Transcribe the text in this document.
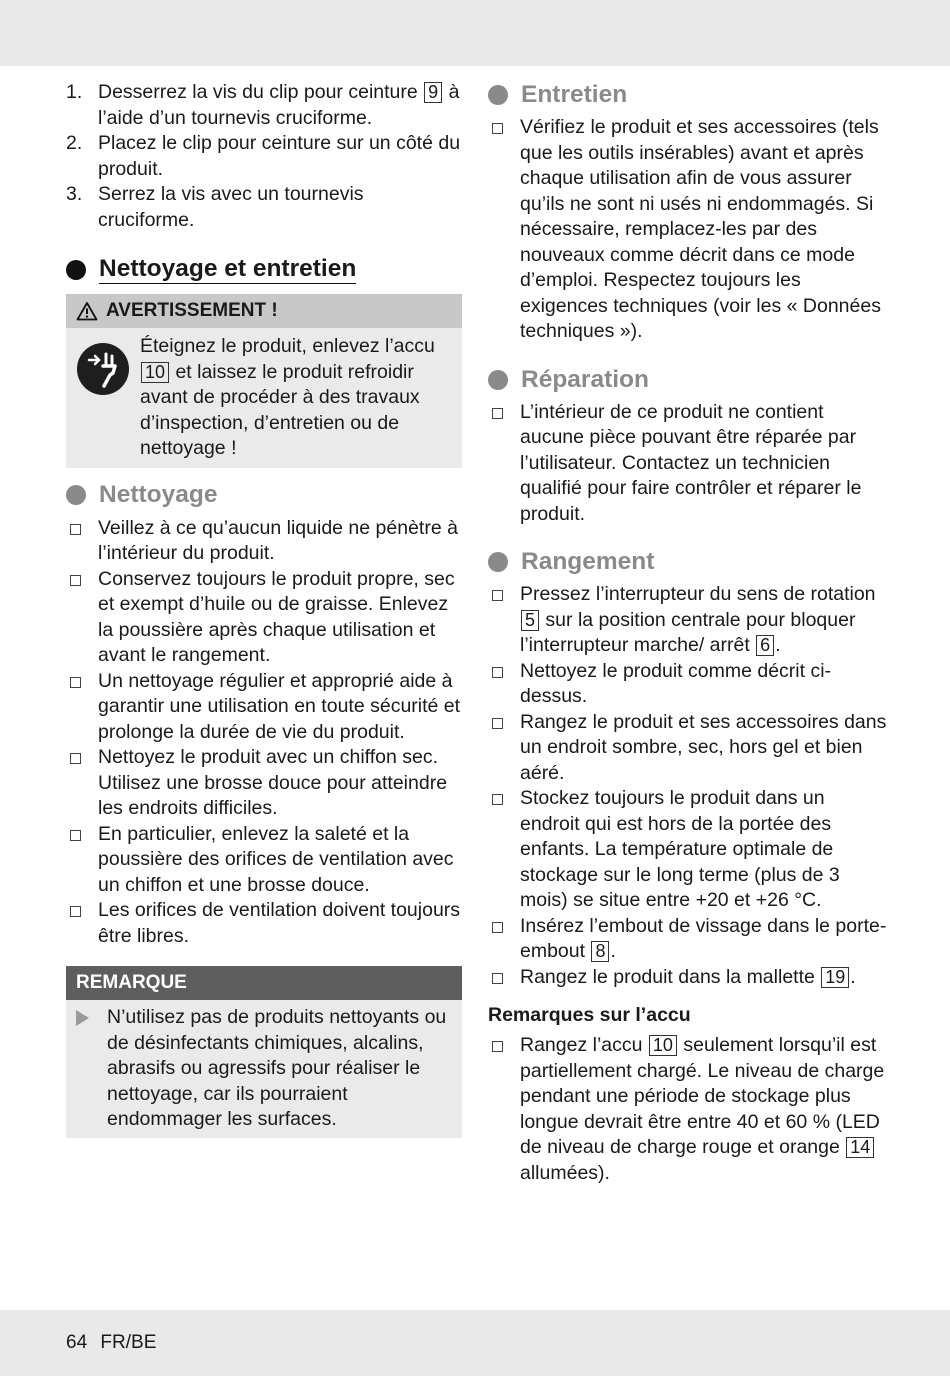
1. Desserrez la vis du clip pour ceinture 9 à l’aide d’un tournevis cruciforme.
2. Placez le clip pour ceinture sur un côté du produit.
3. Serrez la vis avec un tournevis cruciforme.
Nettoyage et entretien
AVERTISSEMENT !
Éteignez le produit, enlevez l’accu 10 et laissez le produit refroidir avant de procéder à des travaux d’inspection, d’entretien ou de nettoyage !
Nettoyage
Veillez à ce qu’aucun liquide ne pénètre à l’intérieur du produit.
Conservez toujours le produit propre, sec et exempt d’huile ou de graisse. Enlevez la poussière après chaque utilisation et avant le rangement.
Un nettoyage régulier et approprié aide à garantir une utilisation en toute sécurité et prolonge la durée de vie du produit.
Nettoyez le produit avec un chiffon sec. Utilisez une brosse douce pour atteindre les endroits difficiles.
En particulier, enlevez la saleté et la poussière des orifices de ventilation avec un chiffon et une brosse douce.
Les orifices de ventilation doivent toujours être libres.
REMARQUE
N’utilisez pas de produits nettoyants ou de désinfectants chimiques, alcalins, abrasifs ou agressifs pour réaliser le nettoyage, car ils pourraient endommager les surfaces.
Entretien
Vérifiez le produit et ses accessoires (tels que les outils insérables) avant et après chaque utilisation afin de vous assurer qu’ils ne sont ni usés ni endommagés. Si nécessaire, remplacez-les par des nouveaux comme décrit dans ce mode d’emploi. Respectez toujours les exigences techniques (voir les « Données techniques »).
Réparation
L’intérieur de ce produit ne contient aucune pièce pouvant être réparée par l’utilisateur. Contactez un technicien qualifié pour faire contrôler et réparer le produit.
Rangement
Pressez l’interrupteur du sens de rotation 5 sur la position centrale pour bloquer l’interrupteur marche/ arrêt 6 .
Nettoyez le produit comme décrit ci-dessus.
Rangez le produit et ses accessoires dans un endroit sombre, sec, hors gel et bien aéré.
Stockez toujours le produit dans un endroit qui est hors de la portée des enfants. La température optimale de stockage sur le long terme (plus de 3 mois) se situe entre +20 et +26 °C.
Insérez l’embout de vissage dans le porte-embout 8 .
Rangez le produit dans la mallette 19 .
Remarques sur l’accu
Rangez l’accu 10 seulement lorsqu’il est partiellement chargé. Le niveau de charge pendant une période de stockage plus longue devrait être entre 40 et 60 % (LED de niveau de charge rouge et orange 14 allumées).
64 FR/BE
